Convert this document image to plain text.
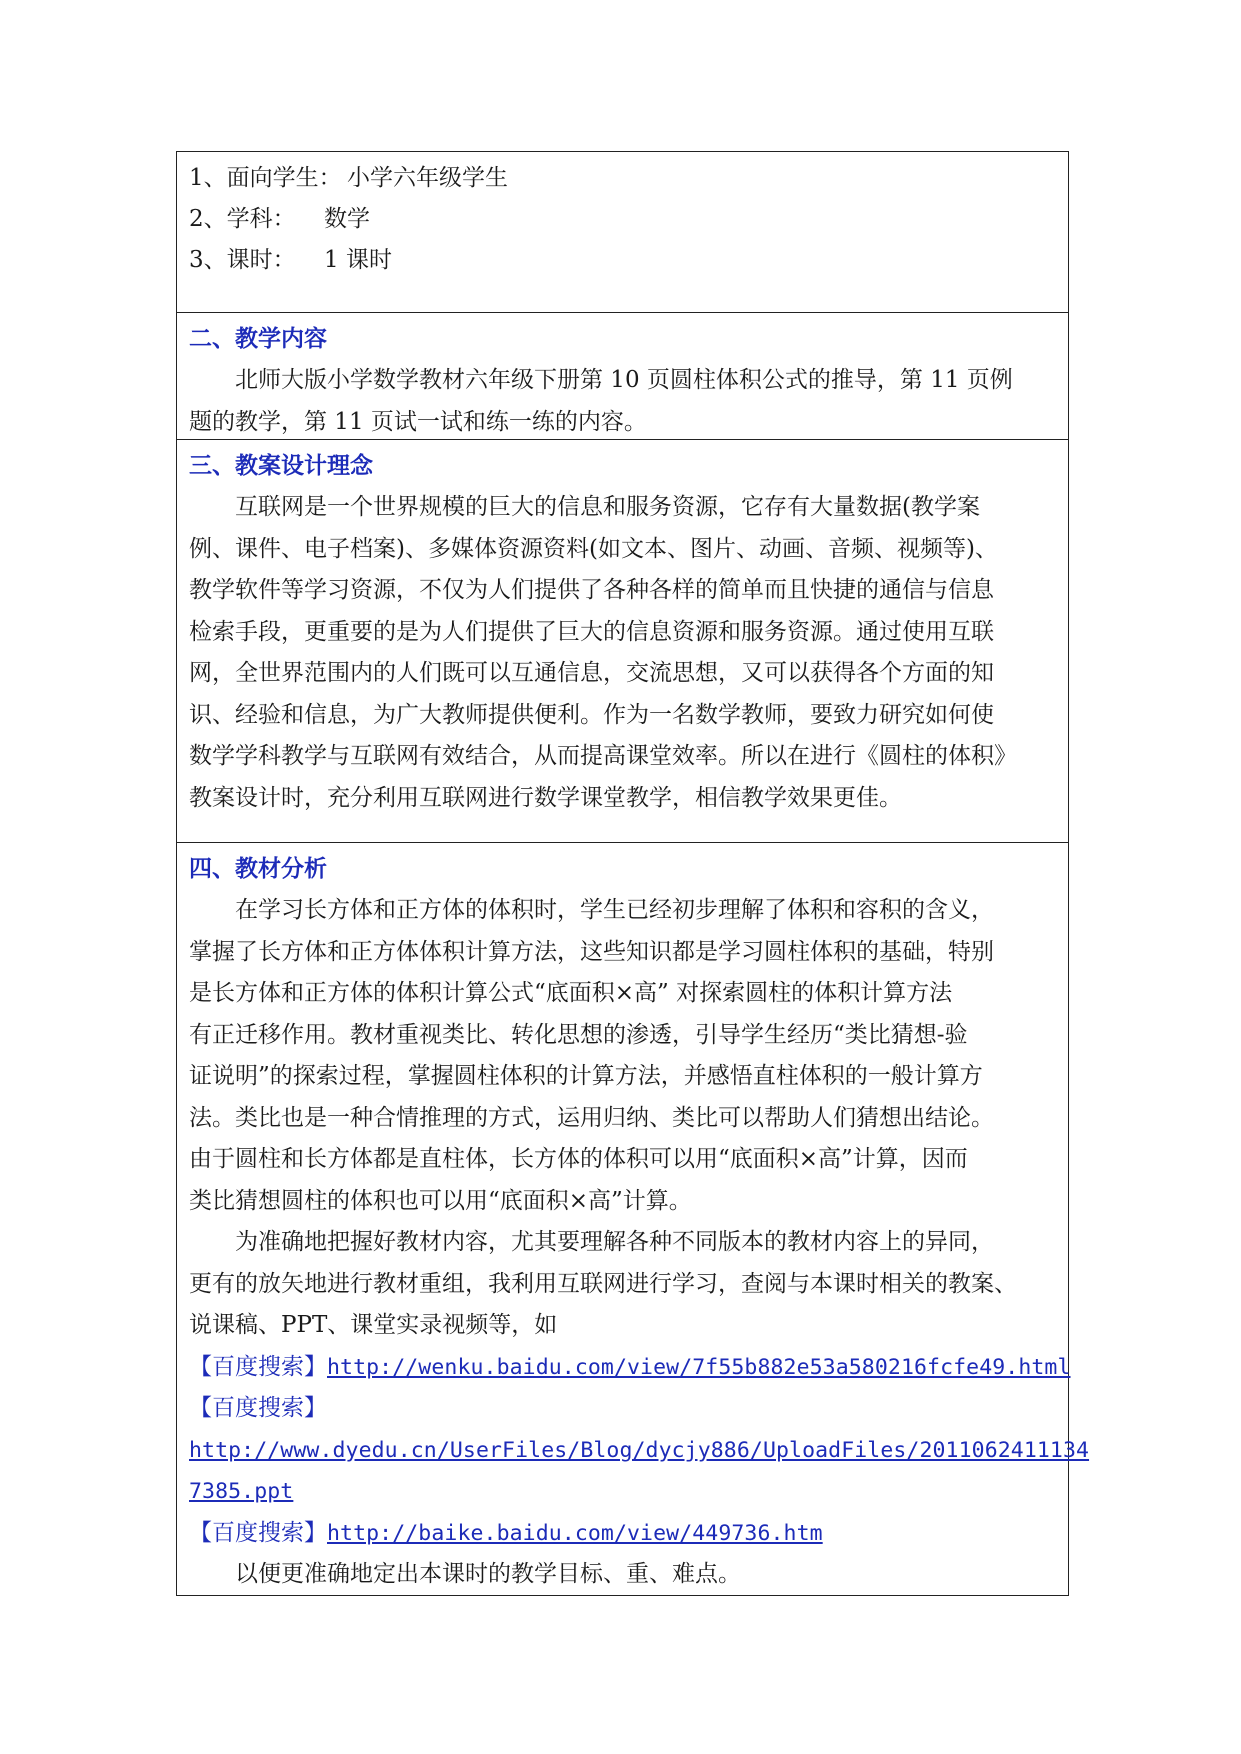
1、面向学生： 小学六年级学生
2、学科： 数学
3、课时： 1 课时
二、教学内容

北师大版小学数学教材六年级下册第 10 页圆柱体积公式的推导，第 11 页例

题的教学，第 11 页试一试和练一练的内容。

三、教案设计理念

互联网是一个世界规模的巨大的信息和服务资源，它存有大量数据(教学案

例、课件、电子档案)、多媒体资源资料(如文本、图片、动画、音频、视频等)、

教学软件等学习资源，不仅为人们提供了各种各样的简单而且快捷的通信与信息

检索手段，更重要的是为人们提供了巨大的信息资源和服务资源。通过使用互联

网，全世界范围内的人们既可以互通信息，交流思想，又可以获得各个方面的知

识、经验和信息，为广大教师提供便利。作为一名数学教师，要致力研究如何使

数学学科教学与互联网有效结合，从而提高课堂效率。所以在进行《圆柱的体积》

教案设计时，充分利用互联网进行数学课堂教学，相信教学效果更佳。

四、教材分析

在学习长方体和正方体的体积时，学生已经初步理解了体积和容积的含义，

掌握了长方体和正方体体积计算方法，这些知识都是学习圆柱体积的基础，特别

是长方体和正方体的体积计算公式“底面积×高” 对探索圆柱的体积计算方法

有正迁移作用。教材重视类比、转化思想的渗透，引导学生经历“类比猜想-验

证说明”的探索过程，掌握圆柱体积的计算方法，并感悟直柱体积的一般计算方

法。类比也是一种合情推理的方式，运用归纳、类比可以帮助人们猜想出结论。

由于圆柱和长方体都是直柱体，长方体的体积可以用“底面积×高”计算，因而

类比猜想圆柱的体积也可以用“底面积×高”计算。

为准确地把握好教材内容，尤其要理解各种不同版本的教材内容上的异同，

更有的放矢地进行教材重组，我利用互联网进行学习，查阅与本课时相关的教案、

说课稿、PPT、课堂实录视频等，如

【百度搜索】http://wenku.baidu.com/view/7f55b882e53a580216fcfe49.html
【百度搜索】
http://www.dyedu.cn/UserFiles/Blog/dycjy886/UploadFiles/2011062411134
7385.ppt
【百度搜索】http://baike.baidu.com/view/449736.htm

以便更准确地定出本课时的教学目标、重、难点。
